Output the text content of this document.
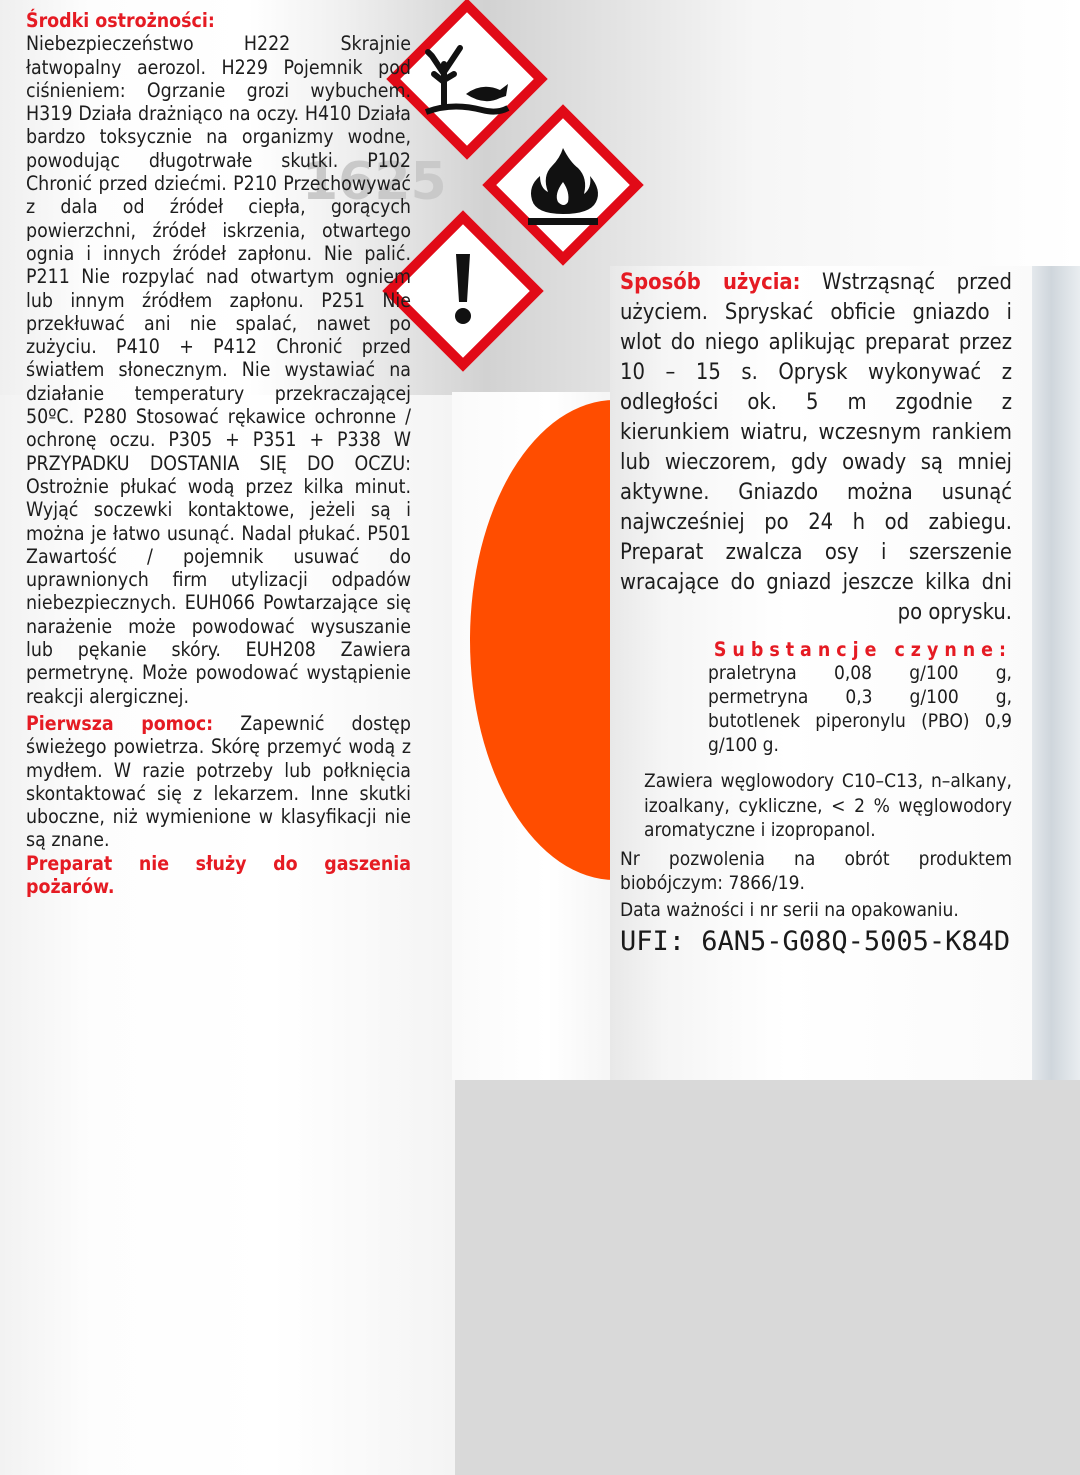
1625

Środki ostrożności:

Niebezpieczeństwo H222 Skrajnie łatwopalny aerozol. H229 Pojemnik pod ciśnieniem: Ogrzanie grozi wybuchem. H319 Działa drażniąco na oczy. H410 Działa bardzo toksycznie na organizmy wodne, powodując długotrwałe skutki. P102 Chronić przed dziećmi. P210 Przechowywać z dala od źródeł ciepła, gorących powierzchni, źródeł iskrzenia, otwartego ognia i innych źródeł zapłonu. Nie palić. P211 Nie rozpylać nad otwartym ogniem lub innym źródłem zapłonu. P251 Nie przekłuwać ani nie spalać, nawet po zużyciu. P410 + P412 Chronić przed światłem słonecznym. Nie wystawiać na działanie temperatury przekraczającej 50ºC. P280 Stosować rękawice ochronne / ochronę oczu. P305 + P351 + P338 W PRZYPADKU DOSTANIA SIĘ DO OCZU: Ostrożnie płukać wodą przez kilka minut. Wyjąć soczewki kontaktowe, jeżeli są i można je łatwo usunąć. Nadal płukać. P501 Zawartość / pojemnik usuwać do uprawnionych firm utylizacji odpadów niebezpiecznych. EUH066 Powtarzające się narażenie może powodować wysuszanie lub pękanie skóry. EUH208 Zawiera permetrynę. Może powodować wystąpienie reakcji alergicznej.

Pierwsza pomoc: Zapewnić dostęp świeżego powietrza. Skórę przemyć wodą z mydłem. W razie potrzeby lub połknięcia skontaktować się z lekarzem. Inne skutki uboczne, niż wymienione w klasyfikacji nie są znane.

Preparat nie służy do gaszenia pożarów.

Sposób użycia: Wstrząsnąć przed użyciem. Spryskać obficie gniazdo i wlot do niego aplikując preparat przez 10 – 15 s. Oprysk wykonywać z odległości ok. 5 m zgodnie z kierunkiem wiatru, wczesnym rankiem lub wieczorem, gdy owady są mniej aktywne. Gniazdo można usunąć najwcześniej po 24 h od zabiegu. Preparat zwalcza osy i szerszenie wracające do gniazd jeszcze kilka dni po oprysku.

Substancje czynne:

praletryna 0,08 g/100 g, permetryna 0,3 g/100 g, butotlenek piperonylu (PBO) 0,9 g/100 g.

Zawiera węglowodory C10–C13, n–alkany, izoalkany, cykliczne, < 2 % węglowodory aromatyczne i izopropanol.

Nr pozwolenia na obrót produktem biobójczym: 7866/19.

Data ważności i nr serii na opakowaniu.

UFI: 6AN5-G08Q-5005-K84D
